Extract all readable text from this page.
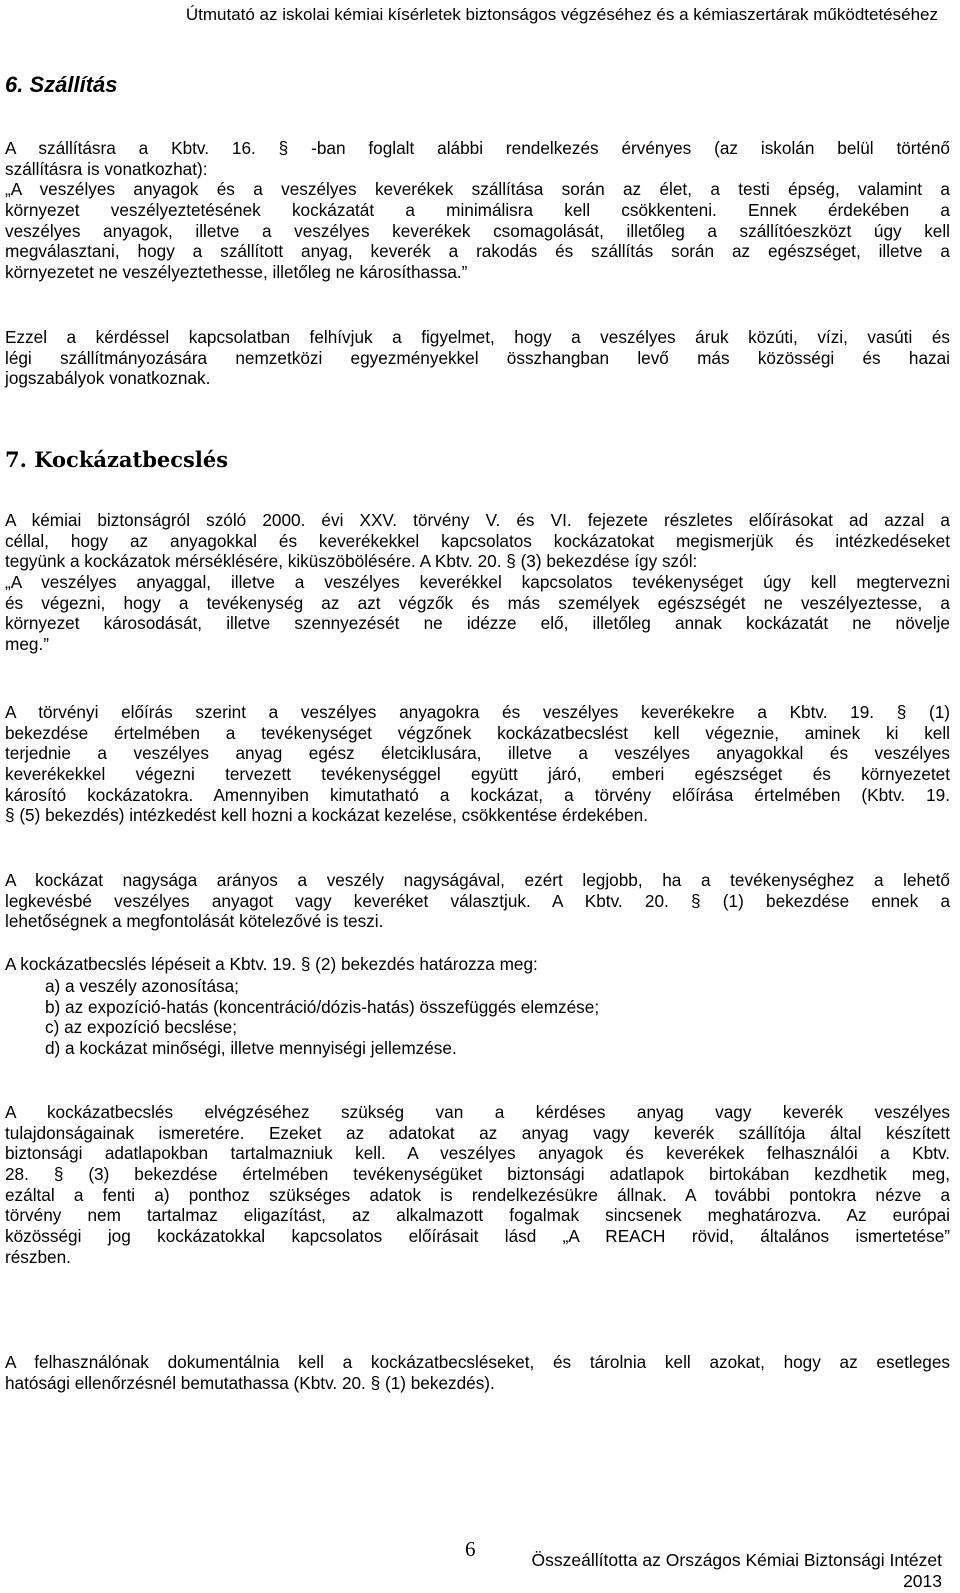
Útmutató az iskolai kémiai kísérletek biztonságos végzéséhez és a kémiaszertárak működtetéséhez
6. Szállítás
A szállításra a Kbtv. 16. § -ban foglalt alábbi rendelkezés érvényes (az iskolán belül történő
szállításra is vonatkozhat):
„A veszélyes anyagok és a veszélyes keverékek szállítása során az élet, a testi épség, valamint a
környezet veszélyeztetésének kockázatát a minimálisra kell csökkenteni. Ennek érdekében a
veszélyes anyagok, illetve a veszélyes keverékek csomagolását, illetőleg a szállítóeszközt úgy kell
megválasztani, hogy a szállított anyag, keverék a rakodás és szállítás során az egészséget, illetve a
környezetet ne veszélyeztethesse, illetőleg ne károsíthassa.”
Ezzel a kérdéssel kapcsolatban felhívjuk a figyelmet, hogy a veszélyes áruk közúti, vízi, vasúti és
légi szállítmányozására nemzetközi egyezményekkel összhangban levő más közösségi és hazai
jogszabályok vonatkoznak.
7. Kockázatbecslés
A kémiai biztonságról szóló 2000. évi XXV. törvény V. és VI. fejezete részletes előírásokat ad azzal a
céllal, hogy az anyagokkal és keverékekkel kapcsolatos kockázatokat megismerjük és intézkedéseket
tegyünk a kockázatok mérséklésére, kiküszöbölésére. A Kbtv. 20. § (3) bekezdése így szól:
„A veszélyes anyaggal, illetve a veszélyes keverékkel kapcsolatos tevékenységet úgy kell megtervezni
és végezni, hogy a tevékenység az azt végzők és más személyek egészségét ne veszélyeztesse, a
környezet károsodását, illetve szennyezését ne idézze elő, illetőleg annak kockázatát ne növelje
meg.”
A törvényi előírás szerint a veszélyes anyagokra és veszélyes keverékekre a Kbtv. 19. § (1)
bekezdése értelmében a tevékenységet végzőnek kockázatbecslést kell végeznie, aminek ki kell
terjednie a veszélyes anyag egész életciklusára, illetve a veszélyes anyagokkal és veszélyes
keverékekkel végezni tervezett tevékenységgel együtt járó, emberi egészséget és környezetet
károsító kockázatokra. Amennyiben kimutatható a kockázat, a törvény előírása értelmében (Kbtv. 19.
§ (5) bekezdés) intézkedést kell hozni a kockázat kezelése, csökkentése érdekében.
A kockázat nagysága arányos a veszély nagyságával, ezért legjobb, ha a tevékenységhez a lehető
legkevésbé veszélyes anyagot vagy keveréket választjuk. A Kbtv. 20. § (1) bekezdése ennek a
lehetőségnek a megfontolását kötelezővé is teszi.
A kockázatbecslés lépéseit a Kbtv. 19. § (2) bekezdés határozza meg:
a) a veszély azonosítása;
b) az expozíció-hatás (koncentráció/dózis-hatás) összefüggés elemzése;
c) az expozíció becslése;
d) a kockázat minőségi, illetve mennyiségi jellemzése.
A kockázatbecslés elvégzéséhez szükség van a kérdéses anyag vagy keverék veszélyes
tulajdonságainak ismeretére. Ezeket az adatokat az anyag vagy keverék szállítója által készített
biztonsági adatlapokban tartalmazniuk kell. A veszélyes anyagok és keverékek felhasználói a Kbtv.
28. § (3) bekezdése értelmében tevékenységüket biztonsági adatlapok birtokában kezdhetik meg,
ezáltal a fenti a) ponthoz szükséges adatok is rendelkezésükre állnak. A további pontokra nézve a
törvény nem tartalmaz eligazítást, az alkalmazott fogalmak sincsenek meghatározva. Az európai
közösségi jog kockázatokkal kapcsolatos előírásait lásd „A REACH rövid, általános ismertetése”
részben.
A felhasználónak dokumentálnia kell a kockázatbecsléseket, és tárolnia kell azokat, hogy az esetleges
hatósági ellenőrzésnél bemutathassa (Kbtv. 20. § (1) bekezdés).
6	Összeállította az Országos Kémiai Biztonsági Intézet
2013
